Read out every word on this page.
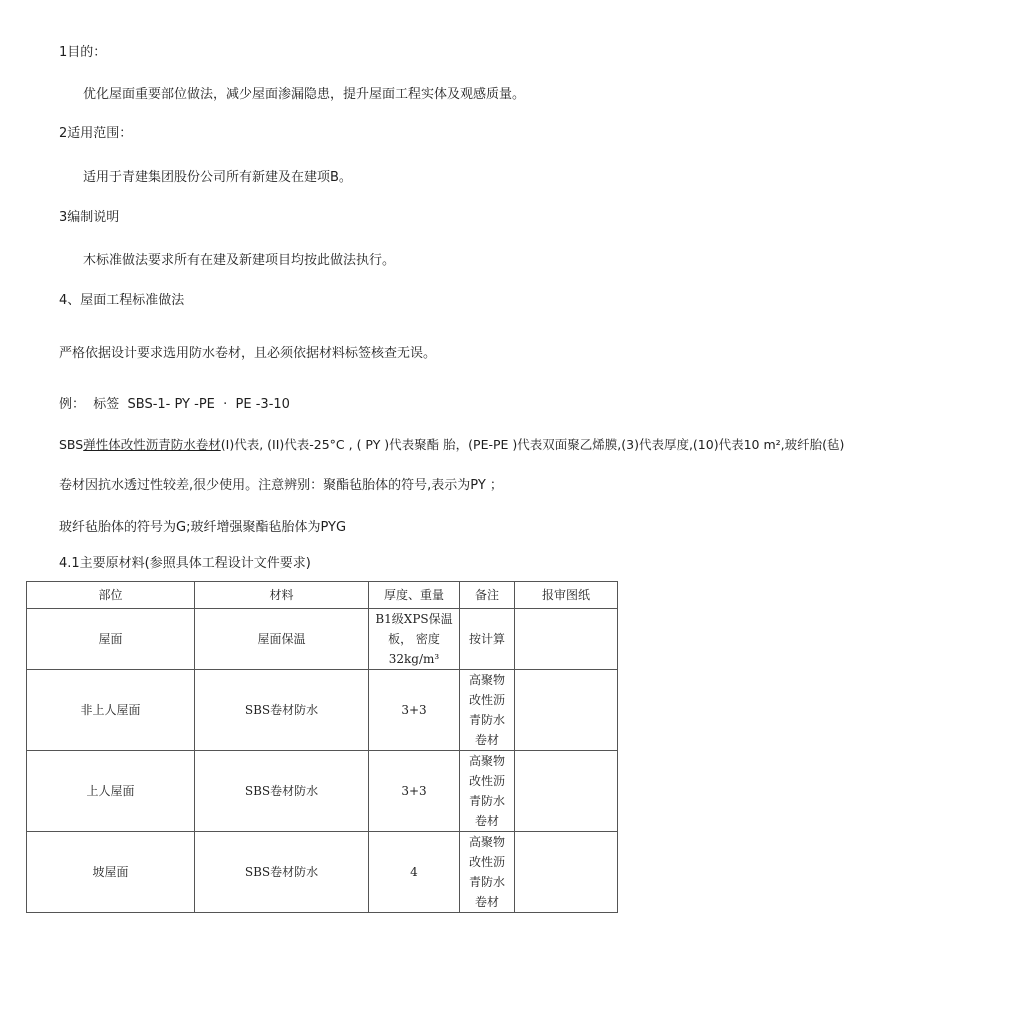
1目的：
优化屋面重要部位做法，减少屋面渗漏隐患，提升屋面工程实体及观感质量。
2适用范围：
适用于青建集团股份公司所有新建及在建项B。
3编制说明
木标准做法要求所有在建及新建项目均按此做法执行。
4、屋面工程标准做法
严格依据设计要求选用防水卷材，且必须依据材料标签核查无误。
例：  标签  SBS-1- PY -PE  ·  PE -3-10
SBS弹性体改性沥青防水卷材(I)代表, (II)代表-25°C , ( PY )代表聚酯 胎，(PE-PE )代表双面聚乙烯膜,(3)代表厚度,(10)代表10 m²,玻纤胎(毡)
卷材因抗水透过性较差,很少使用。注意辨别：聚酯毡胎体的符号,表示为PY ；
玻纤毡胎体的符号为G;玻纤增强聚酯毡胎体为PYG
4.1主要原材料(参照具体工程设计文件要求)
部位	材料	厚度、重量	备注	报审图纸
屋面	屋面保温	B1级XPS保温板， 密度32kg/m³	按计算	
非上人屋面	SBS卷材防水	3+3	高聚物改性沥青防水卷材	
上人屋面	SBS卷材防水	3+3	高聚物改性沥青防水卷材	
坡屋面	SBS卷材防水	4	高聚物改性沥青防水卷材	
